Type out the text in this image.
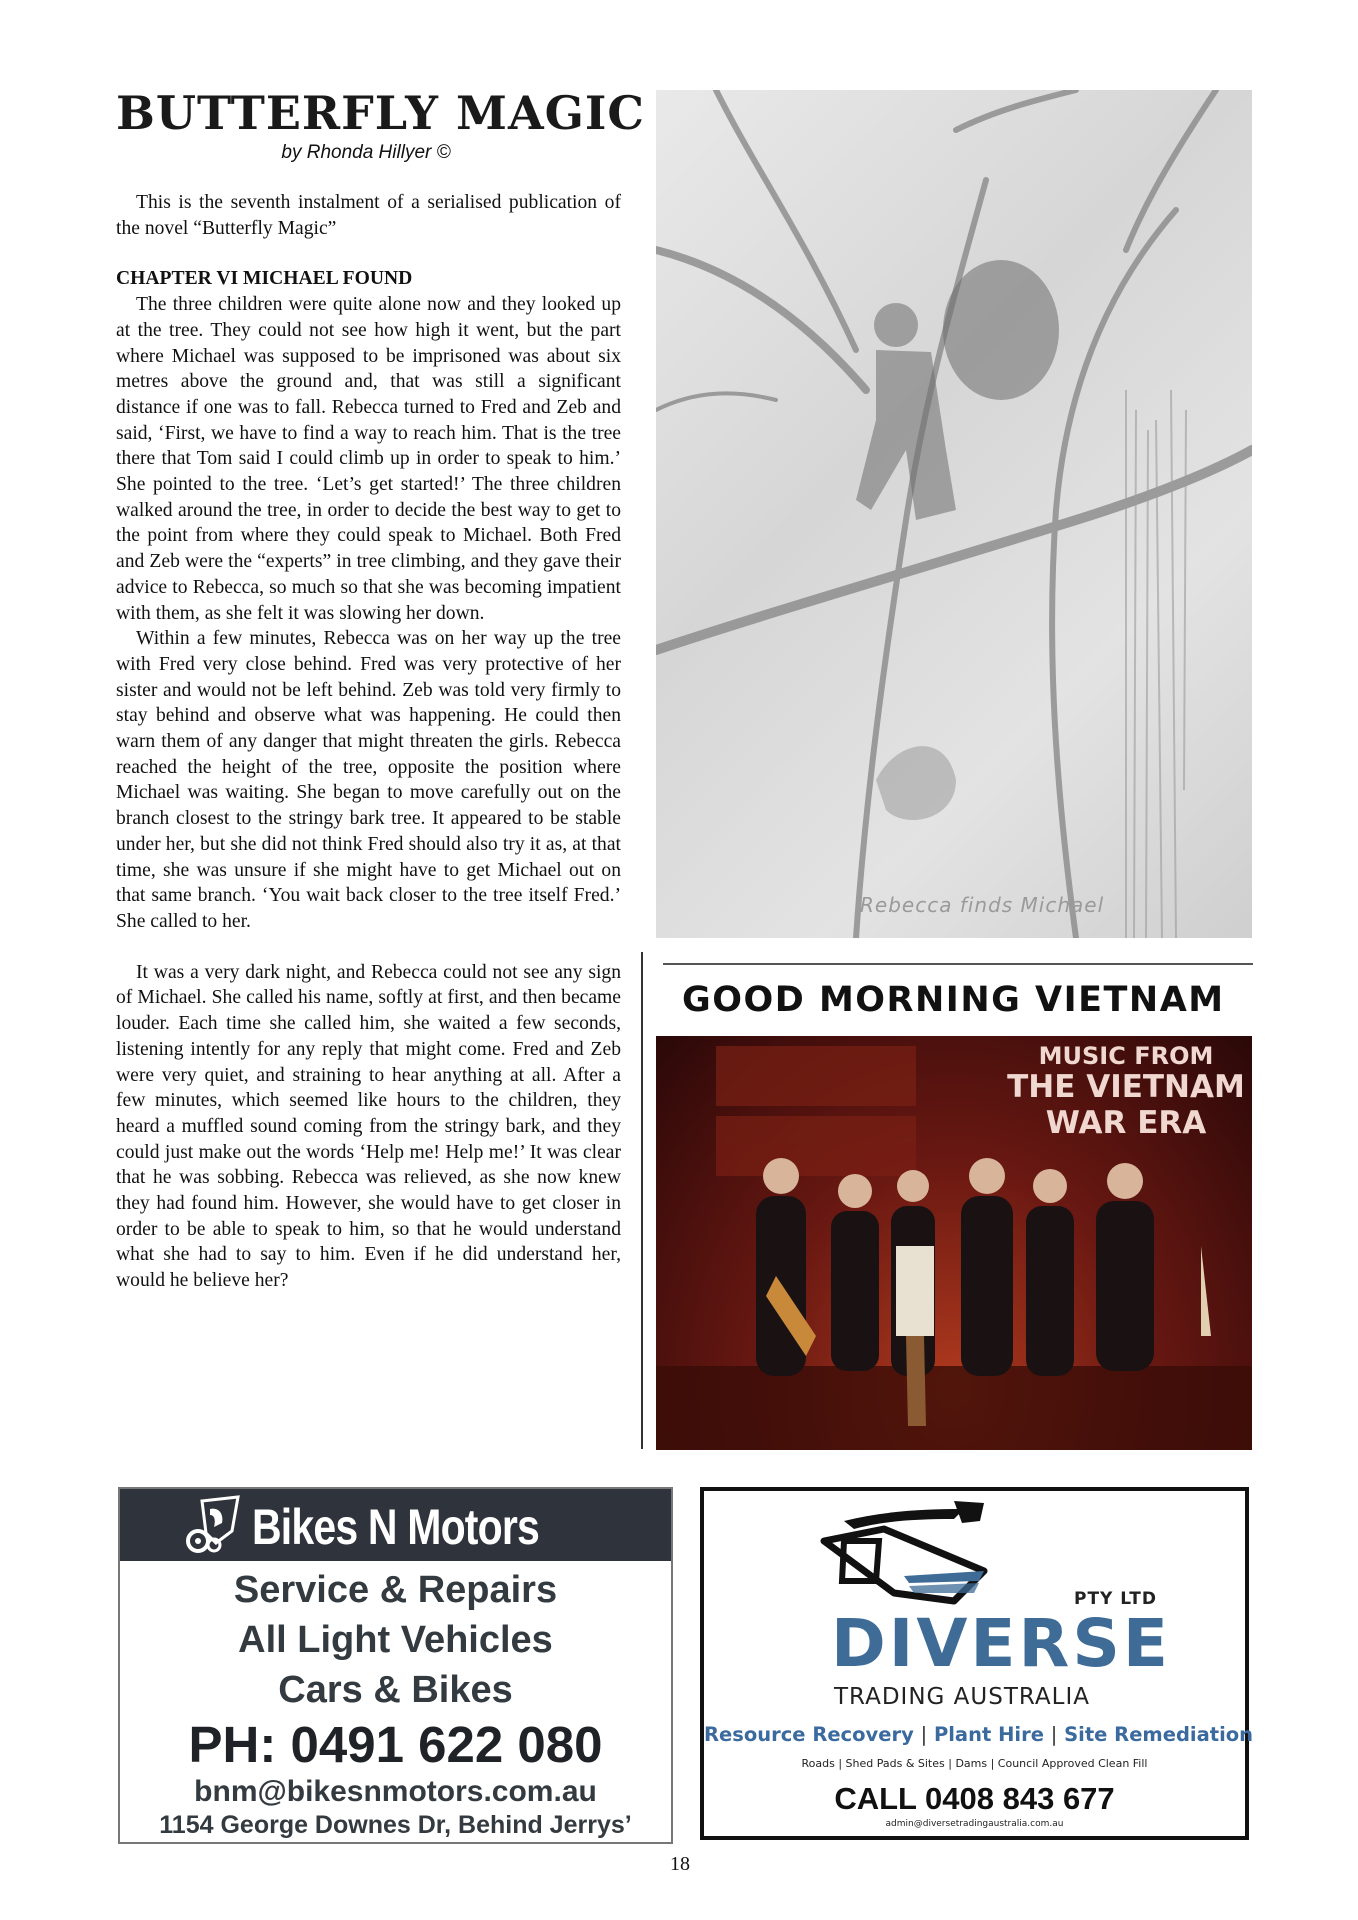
BUTTERFLY MAGIC
by Rhonda Hillyer ©

This is the seventh instalment of a serialised publication of the novel “Butterfly Magic”

CHAPTER VI MICHAEL FOUND

The three children were quite alone now and they looked up at the tree. They could not see how high it went, but the part where Michael was supposed to be imprisoned was about six metres above the ground and, that was still a significant distance if one was to fall. Rebecca turned to Fred and Zeb and said, ‘First, we have to find a way to reach him. That is the tree there that Tom said I could climb up in order to speak to him.’ She pointed to the tree. ‘Let’s get started!’ The three children walked around the tree, in order to decide the best way to get to the point from where they could speak to Michael. Both Fred and Zeb were the “experts” in tree climbing, and they gave their advice to Rebecca, so much so that she was becoming impatient with them, as she felt it was slowing her down.

Within a few minutes, Rebecca was on her way up the tree with Fred very close behind. Fred was very protective of her sister and would not be left behind. Zeb was told very firmly to stay behind and observe what was happening. He could then warn them of any danger that might threaten the girls. Rebecca reached the height of the tree, opposite the position where Michael was waiting. She began to move carefully out on the branch closest to the stringy bark tree. It appeared to be stable under her, but she did not think Fred should also try it as, at that time, she was unsure if she might have to get Michael out on that same branch. ‘You wait back closer to the tree itself Fred.’ She called to her.

It was a very dark night, and Rebecca could not see any sign of Michael. She called his name, softly at first, and then became louder. Each time she called him, she waited a few seconds, listening intently for any reply that might come. Fred and Zeb were very quiet, and straining to hear anything at all. After a few minutes, which seemed like hours to the children, they heard a muffled sound coming from the stringy bark, and they could just make out the words ‘Help me! Help me!’ It was clear that he was sobbing. Rebecca was relieved, as she now knew they had found him. However, she would have to get closer in order to be able to speak to him, so that he would understand what she had to say to him. Even if he did understand her, would he believe her?

Rebecca finds Michael
GOOD MORNING VIETNAM
MUSIC FROM
THE VIETNAM
WAR ERA
Bikes N Motors
Service & Repairs
All Light Vehicles
Cars & Bikes
PH: 0491 622 080
bnm@bikesnmotors.com.au
1154 George Downes Dr, Behind Jerrys’
PTY LTD
DIVERSE
TRADING AUSTRALIA
Resource Recovery | Plant Hire | Site Remediation
Roads | Shed Pads & Sites | Dams | Council Approved Clean Fill
CALL 0408 843 677
admin@diversetradingaustralia.com.au
18
